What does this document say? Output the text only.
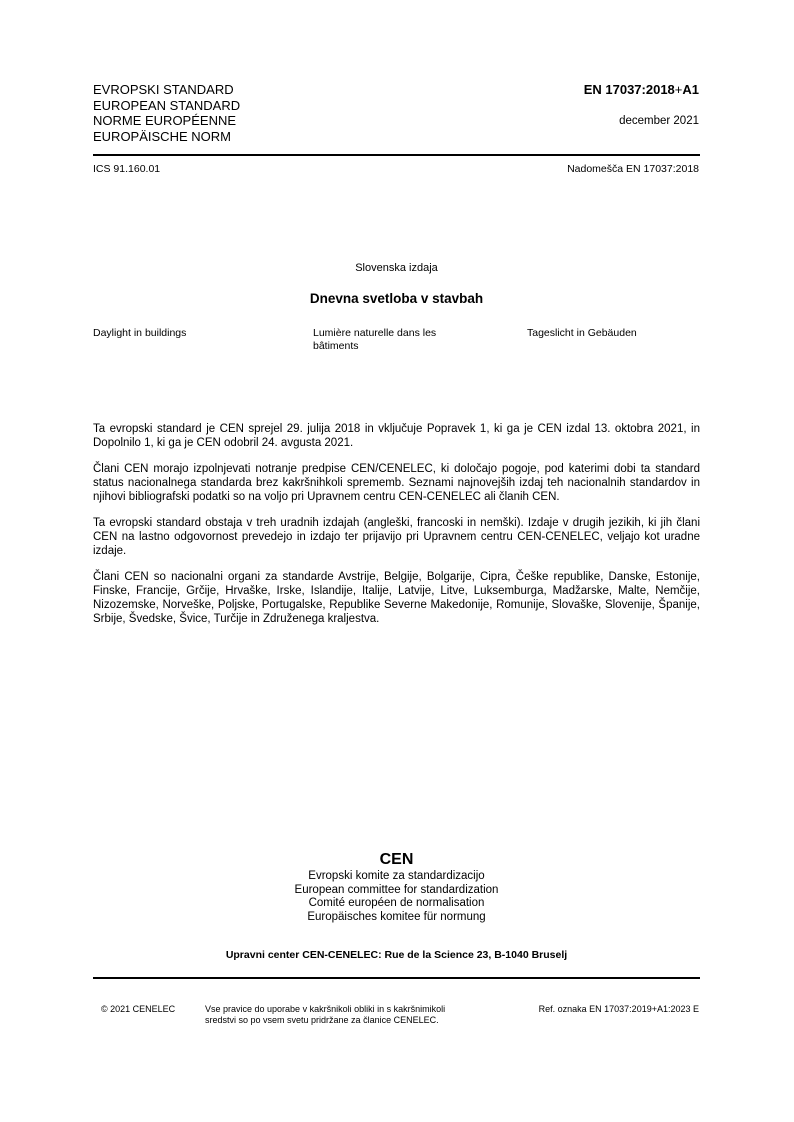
EVROPSKI STANDARD
EUROPEAN STANDARD
NORME EUROPÉENNE
EUROPÄISCHE NORM
EN 17037:2018+A1
december 2021
ICS 91.160.01	Nadomešča EN 17037:2018
Slovenska izdaja
Dnevna svetloba v stavbah
Daylight in buildings	Lumière naturelle dans les bâtiments
Tageslicht in Gebäuden

Ta evropski standard je CEN sprejel 29. julija 2018 in vključuje Popravek 1, ki ga je CEN izdal 13. oktobra 2021, in Dopolnilo 1, ki ga je CEN odobril 24. avgusta 2021.

Člani CEN morajo izpolnjevati notranje predpise CEN/CENELEC, ki določajo pogoje, pod katerimi dobi ta standard status nacionalnega standarda brez kakršnihkoli sprememb. Seznami najnovejših izdaj teh nacionalnih standardov in njihovi bibliografski podatki so na voljo pri Upravnem centru CEN-CENELEC ali članih CEN.

Ta evropski standard obstaja v treh uradnih izdajah (angleški, francoski in nemški). Izdaje v drugih jezikih, ki jih člani CEN na lastno odgovornost prevedejo in izdajo ter prijavijo pri Upravnem centru CEN-CENELEC, veljajo kot uradne izdaje.

Člani CEN so nacionalni organi za standarde Avstrije, Belgije, Bolgarije, Cipra, Češke republike, Danske, Estonije, Finske, Francije, Grčije, Hrvaške, Irske, Islandije, Italije, Latvije, Litve, Luksemburga, Madžarske, Malte, Nemčije, Nizozemske, Norveške, Poljske, Portugalske, Republike Severne Makedonije, Romunije, Slovaške, Slovenije, Španije, Srbije, Švedske, Švice, Turčije in Združenega kraljestva.

CEN
Evropski komite za standardizacijo
European committee for standardization
Comité européen de normalisation
Europäisches komitee für normung
Upravni center CEN-CENELEC: Rue de la Science 23, B-1040 Bruselj
© 2021 CENELEC	Vse pravice do uporabe v kakršnikoli obliki in s kakršnimikoli
sredstvi so po vsem svetu pridržane za članice CENELEC.
Ref. oznaka EN 17037:2019+A1:2023 E
